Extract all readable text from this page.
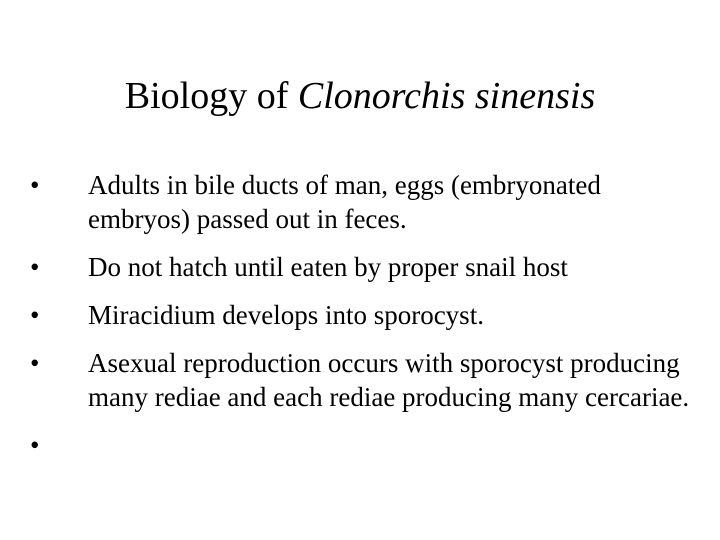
Biology of Clonorchis sinensis
•
Adults in bile ducts of man, eggs (embryonated embryos) passed out in feces.
•
Do not hatch until eaten by proper snail host
•
Miracidium develops into sporocyst.
•
Asexual reproduction occurs with sporocyst producing many rediae and each rediae producing many cercariae.
•
